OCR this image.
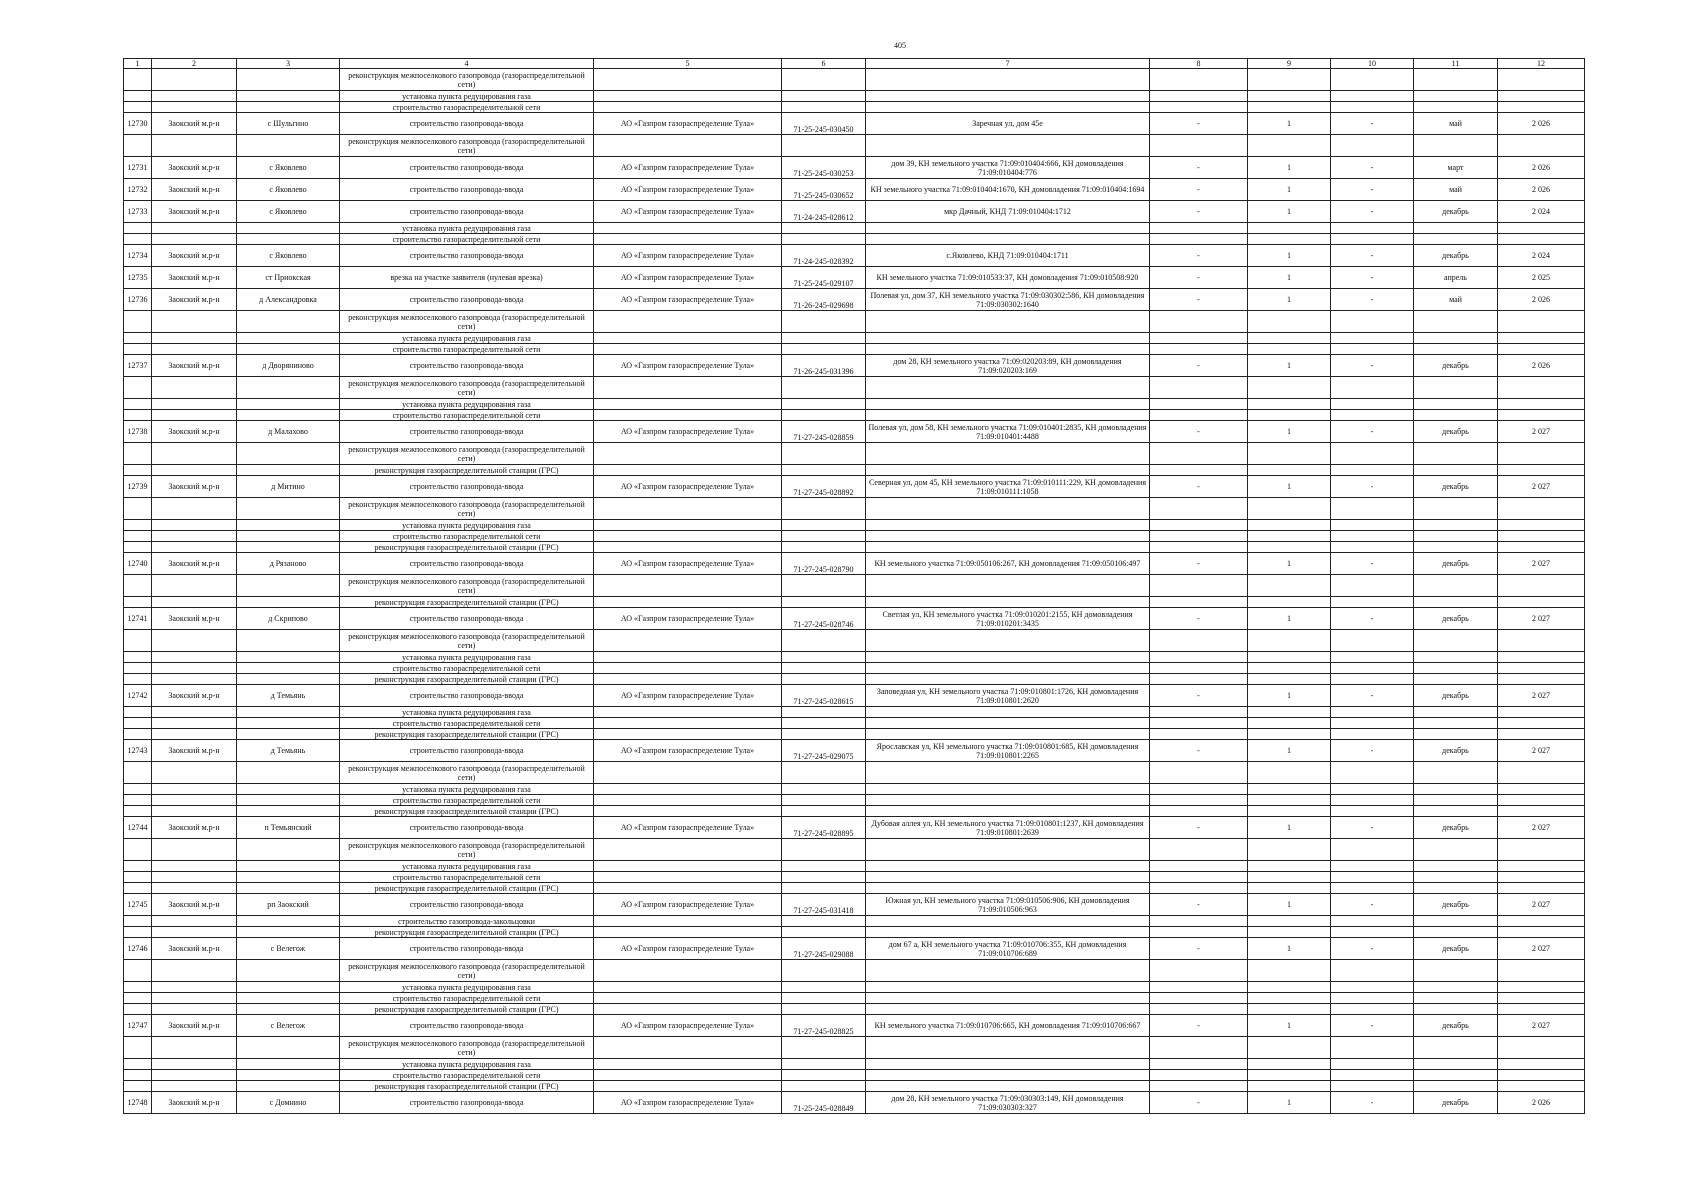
405
1	2	3	4	5	6	7	8	9	10	11	12
			реконструкция межпоселкового газопровода (газораспределительной сети)								
			установка пункта редуцирования газа								
			строительство газораспределительной сети								
12730	Заокский м.р-н	с Шульгино	строительство газопровода-ввода	АО «Газпром газораспределение Тула»	71-25-245-030450	Заречная ул, дом 45е	-	1	-	май	2 026
			реконструкция межпоселкового газопровода (газораспределительной сети)								
12731	Заокский м.р-н	с Яковлево	строительство газопровода-ввода	АО «Газпром газораспределение Тула»	71-25-245-030253	дом 39, КН земельного участка 71:09:010404:666, КН домовладения 71:09:010404:776	-	1	-	март	2 026
12732	Заокский м.р-н	с Яковлево	строительство газопровода-ввода	АО «Газпром газораспределение Тула»	71-25-245-030652	КН земельного участка 71:09:010404:1670, КН домовладения 71:09:010404:1694	-	1	-	май	2 026
12733	Заокский м.р-н	с Яковлево	строительство газопровода-ввода	АО «Газпром газораспределение Тула»	71-24-245-028612	мкр Дачный, КНД 71:09:010404:1712	-	1	-	декабрь	2 024
			установка пункта редуцирования газа								
			строительство газораспределительной сети								
12734	Заокский м.р-н	с Яковлево	строительство газопровода-ввода	АО «Газпром газораспределение Тула»	71-24-245-028392	с.Яковлево, КНД 71:09:010404:1711	-	1	-	декабрь	2 024
12735	Заокский м.р-н	ст Приокская	врезка на участке заявителя (нулевая врезка)	АО «Газпром газораспределение Тула»	71-25-245-029107	КН земельного участка 71:09:010533:37, КН домовладения 71:09:010508:920	-	1	-	апрель	2 025
12736	Заокский м.р-н	д Александровка	строительство газопровода-ввода	АО «Газпром газораспределение Тула»	71-26-245-029698	Полевая ул, дом 37, КН земельного участка 71:09:030302:586, КН домовладения 71:09:030302:1640	-	1	-	май	2 026
			реконструкция межпоселкового газопровода (газораспределительной сети)								
			установка пункта редуцирования газа								
			строительство газораспределительной сети								
12737	Заокский м.р-н	д Дворяниново	строительство газопровода-ввода	АО «Газпром газораспределение Тула»	71-26-245-031396	дом 28, КН земельного участка 71:09:020203:89, КН домовладения 71:09:020203:169	-	1	-	декабрь	2 026
			реконструкция межпоселкового газопровода (газораспределительной сети)								
			установка пункта редуцирования газа								
			строительство газораспределительной сети								
12738	Заокский м.р-н	д Малахово	строительство газопровода-ввода	АО «Газпром газораспределение Тула»	71-27-245-028859	Полевая ул, дом 58, КН земельного участка 71:09:010401:2835, КН домовладения 71:09:010401:4488	-	1	-	декабрь	2 027
			реконструкция межпоселкового газопровода (газораспределительной сети)								
			реконструкция газораспределительной станции (ГРС)								
12739	Заокский м.р-н	д Митино	строительство газопровода-ввода	АО «Газпром газораспределение Тула»	71-27-245-028892	Северная ул, дом 45, КН земельного участка 71:09:010111:229, КН домовладения 71:09:010111:1058	-	1	-	декабрь	2 027
			реконструкция межпоселкового газопровода (газораспределительной сети)								
			установка пункта редуцирования газа								
			строительство газораспределительной сети								
			реконструкция газораспределительной станции (ГРС)								
12740	Заокский м.р-н	д Рязаново	строительство газопровода-ввода	АО «Газпром газораспределение Тула»	71-27-245-028790	КН земельного участка 71:09:050106:267, КН домовладения 71:09:050106:497	-	1	-	декабрь	2 027
			реконструкция межпоселкового газопровода (газораспределительной сети)								
			реконструкция газораспределительной станции (ГРС)								
12741	Заокский м.р-н	д Скрипово	строительство газопровода-ввода	АО «Газпром газораспределение Тула»	71-27-245-028746	Светлая ул, КН земельного участка 71:09:010201:2155, КН домовладения 71:09:010201:3435	-	1	-	декабрь	2 027
			реконструкция межпоселкового газопровода (газораспределительной сети)								
			установка пункта редуцирования газа								
			строительство газораспределительной сети								
			реконструкция газораспределительной станции (ГРС)								
12742	Заокский м.р-н	д Темьянь	строительство газопровода-ввода	АО «Газпром газораспределение Тула»	71-27-245-028615	Заповедная ул, КН земельного участка 71:09:010801:1726, КН домовладения 71:09:010801:2620	-	1	-	декабрь	2 027
			установка пункта редуцирования газа								
			строительство газораспределительной сети								
			реконструкция газораспределительной станции (ГРС)								
12743	Заокский м.р-н	д Темьянь	строительство газопровода-ввода	АО «Газпром газораспределение Тула»	71-27-245-029075	Ярославская ул, КН земельного участка 71:09:010801:685, КН домовладения 71:09:010801:2265	-	1	-	декабрь	2 027
			реконструкция межпоселкового газопровода (газораспределительной сети)								
			установка пункта редуцирования газа								
			строительство газораспределительной сети								
			реконструкция газораспределительной станции (ГРС)								
12744	Заокский м.р-н	п Темьянский	строительство газопровода-ввода	АО «Газпром газораспределение Тула»	71-27-245-028895	Дубовая аллея ул, КН земельного участка 71:09:010801:1237, КН домовладения 71:09:010801:2639	-	1	-	декабрь	2 027
			реконструкция межпоселкового газопровода (газораспределительной сети)								
			установка пункта редуцирования газа								
			строительство газораспределительной сети								
			реконструкция газораспределительной станции (ГРС)								
12745	Заокский м.р-н	рп Заокский	строительство газопровода-ввода	АО «Газпром газораспределение Тула»	71-27-245-031418	Южная ул, КН земельного участка 71:09:010506:906, КН домовладения 71:09:010506:963	-	1	-	декабрь	2 027
			строительство газопровода-закольцовки								
			реконструкция газораспределительной станции (ГРС)								
12746	Заокский м.р-н	с Велегож	строительство газопровода-ввода	АО «Газпром газораспределение Тула»	71-27-245-029088	дом 67 а, КН земельного участка 71:09:010706:355, КН домовладения 71:09:010706:689	-	1	-	декабрь	2 027
			реконструкция межпоселкового газопровода (газораспределительной сети)								
			установка пункта редуцирования газа								
			строительство газораспределительной сети								
			реконструкция газораспределительной станции (ГРС)								
12747	Заокский м.р-н	с Велегож	строительство газопровода-ввода	АО «Газпром газораспределение Тула»	71-27-245-028825	КН земельного участка 71:09:010706:665, КН домовладения 71:09:010706:667	-	1	-	декабрь	2 027
			реконструкция межпоселкового газопровода (газораспределительной сети)								
			установка пункта редуцирования газа								
			строительство газораспределительной сети								
			реконструкция газораспределительной станции (ГРС)								
12748	Заокский м.р-н	с Домнино	строительство газопровода-ввода	АО «Газпром газораспределение Тула»	71-25-245-028849	дом 28, КН земельного участка 71:09:030303:149, КН домовладения 71:09:030303:327	-	1	-	декабрь	2 026
